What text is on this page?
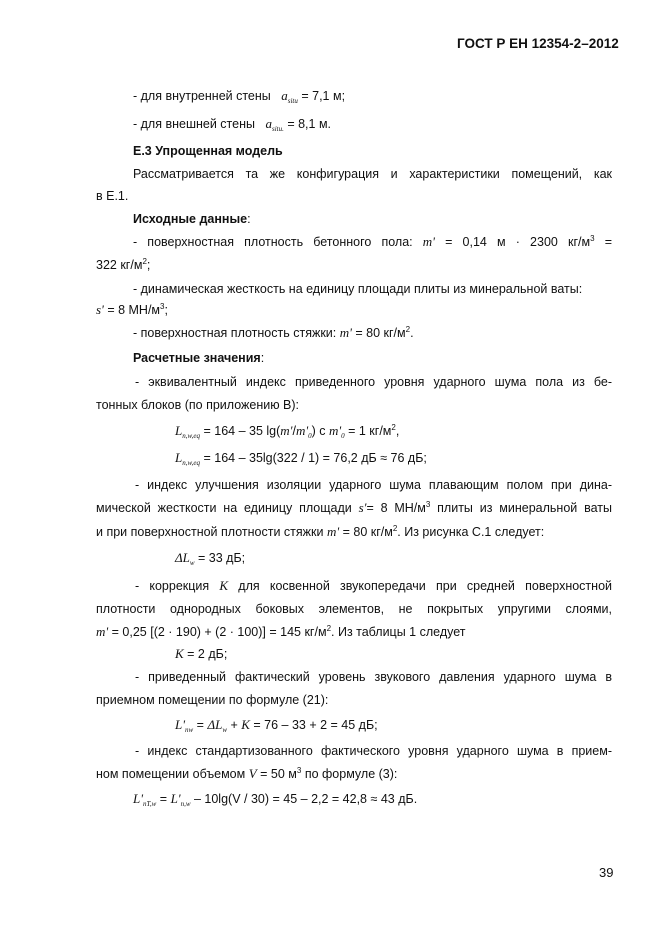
ГОСТ Р ЕН 12354-2–2012
- для внутренней стены $a_{situ} = 7,1$ м;
- для внешней стены $a_{situ.} = 8,1$ м.
Е.3 Упрощенная модель
Рассматривается та же конфигурация и характеристики помещений, как
в Е.1.
Исходные данные:
- поверхностная плотность бетонного пола: m' = 0,14 м · 2300 $кг/м^3$ =
322 $кг/м^2$;
- динамическая жесткость на единицу площади плиты из минеральной ваты:
s' = 8 $МН/м^3$;
- поверхностная плотность стяжки: m' = 80 $кг/м^2$.
Расчетные значения:
- эквивалентный индекс приведенного уровня ударного шума пола из бе-
тонных блоков (по приложению В):
$L_{n,w,eq} = 164 - 35$ $\lg(m'/m'_0)$ с $m'_0 = 1$ $кг/м^2$,
$L_{n,w,eq} = 164 - 35\lg(322 / 1) = 76,2$ дБ ≈ 76 дБ;
- индекс улучшения изоляции ударного шума плавающим полом при дина-
мической жесткости на единицу площади s'= 8 $МН/м^3$ плиты из минеральной ваты
и при поверхностной плотности стяжки m' = 80 $кг/м^2$. Из рисунка С.1 следует:
$\Delta L_w = 33$ дБ;
- коррекция K для косвенной звукопередачи при средней поверхностной
плотности однородных боковых элементов, не покрытых упругими слоями,
m' = 0,25 [(2 · 190) + (2 · 100)] = 145 $кг/м^2$. Из таблицы 1 следует
K = 2 дБ;
- приведенный фактический уровень звукового давления ударного шума в
приемном помещении по формуле (21):
$L'_{nw} = \Delta L_w + K = 76 - 33 + 2 = 45$ дБ;
- индекс стандартизованного фактического уровня ударного шума в прием-
ном помещении объемом V = 50 $м^3$ по формуле (3):
$L'_{nT,w} = L'_{n,w} - 10\lg(V / 30) = 45 - 2,2 = 42,8 \approx 43$ дБ.
39
